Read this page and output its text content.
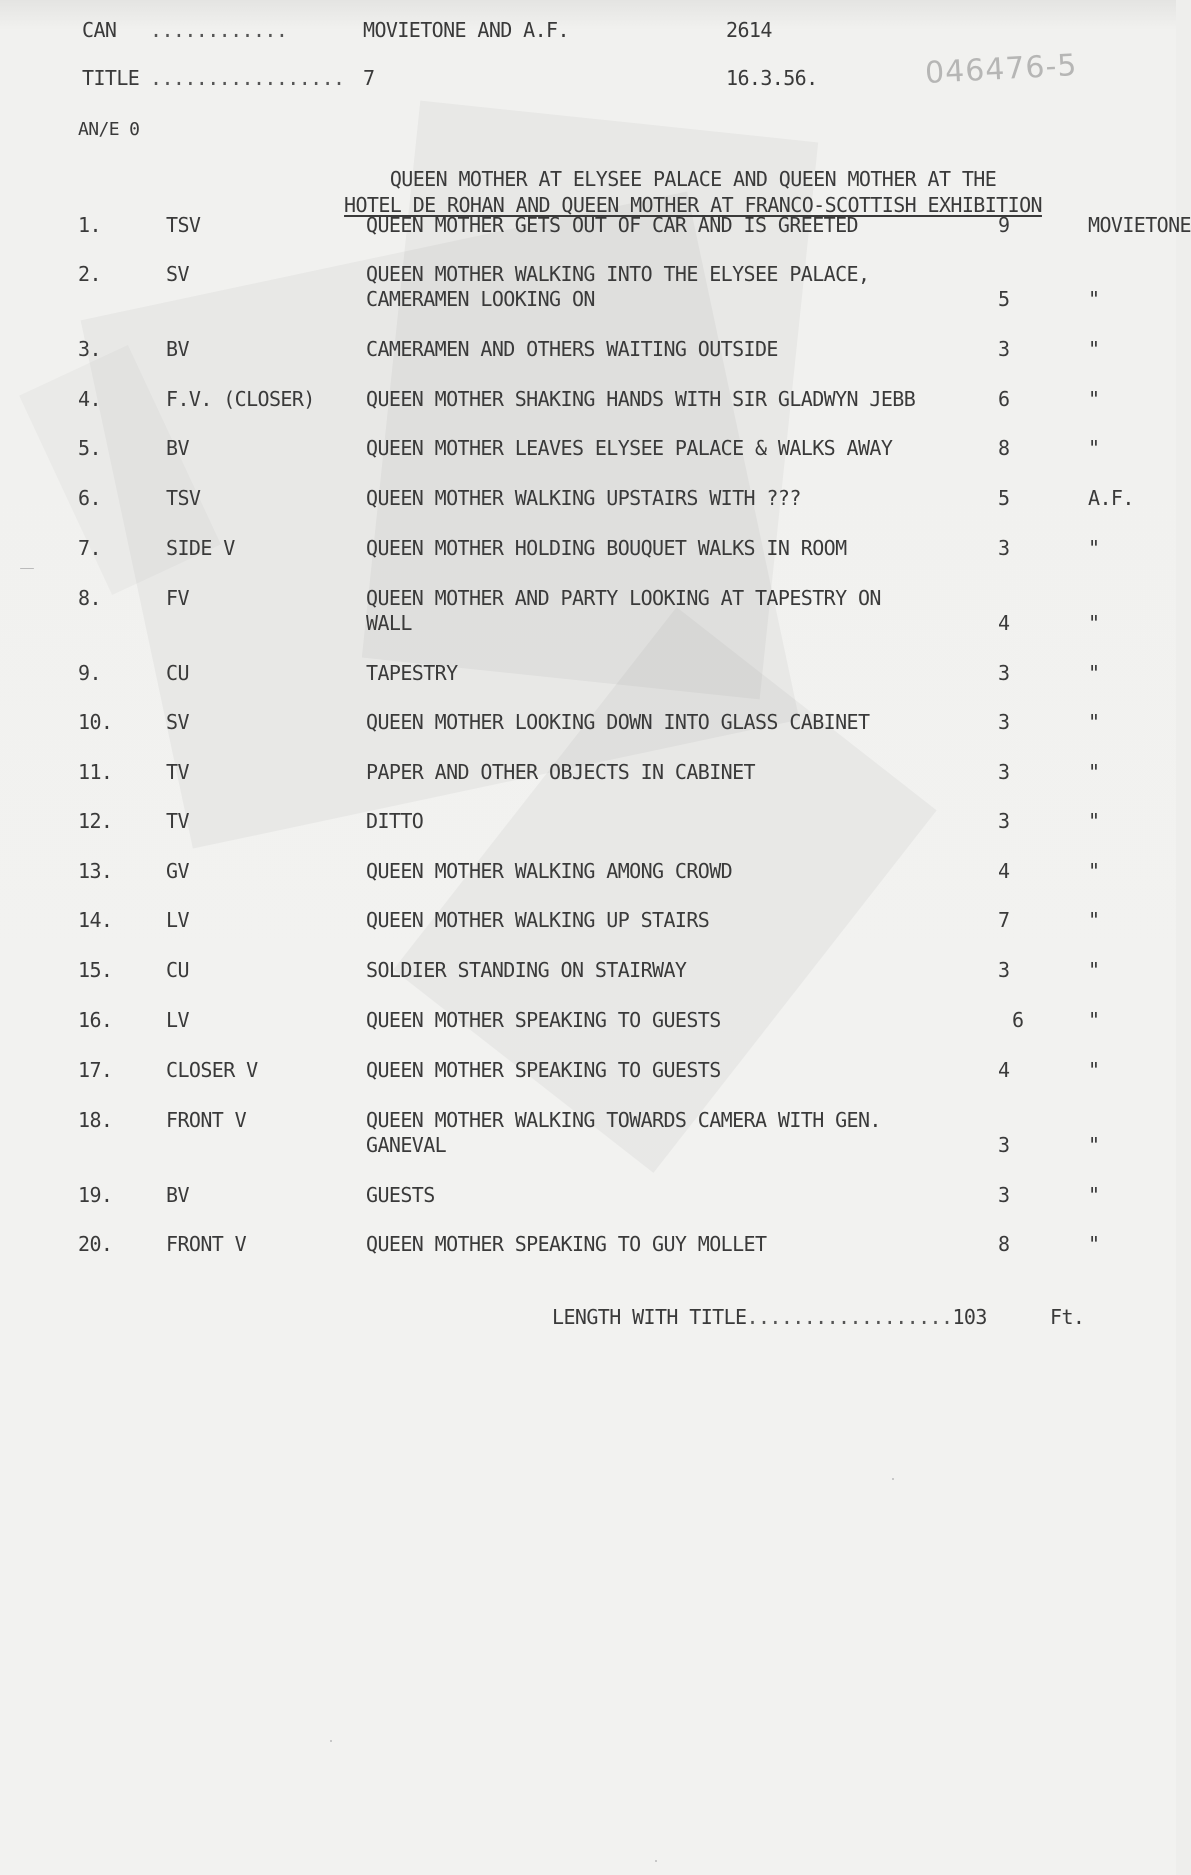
CAN ............	MOVIETONE AND A.F.	2614
TITLE ................. 7	16.3.56.	046476-5
AN/E 0
QUEEN MOTHER AT ELYSEE PALACE AND QUEEN MOTHER AT THE
HOTEL DE ROHAN AND QUEEN MOTHER AT FRANCO-SCOTTISH EXHIBITION
1.	TSV	QUEEN MOTHER GETS OUT OF CAR AND IS GREETED	9	MOVIETONE
2.	SV	QUEEN MOTHER WALKING INTO THE ELYSEE PALACE,
CAMERAMEN LOOKING ON	5	"
3.	BV	CAMERAMEN AND OTHERS WAITING OUTSIDE	3	"
4.	F.V. (CLOSER)	QUEEN MOTHER SHAKING HANDS WITH SIR GLADWYN JEBB	6	"
5.	BV	QUEEN MOTHER LEAVES ELYSEE PALACE & WALKS AWAY	8	"
6.	TSV	QUEEN MOTHER WALKING UPSTAIRS WITH ???	5	A.F.
7.	SIDE V	QUEEN MOTHER HOLDING BOUQUET WALKS IN ROOM	3	"
8.	FV	QUEEN MOTHER AND PARTY LOOKING AT TAPESTRY ON
WALL	4	"
9.	CU	TAPESTRY	3	"
10.	SV	QUEEN MOTHER LOOKING DOWN INTO GLASS CABINET	3	"
11.	TV	PAPER AND OTHER OBJECTS IN CABINET	3	"
12.	TV	DITTO	3	"
13.	GV	QUEEN MOTHER WALKING AMONG CROWD	4	"
14.	LV	QUEEN MOTHER WALKING UP STAIRS	7	"
15.	CU	SOLDIER STANDING ON STAIRWAY	3	"
16.	LV	QUEEN MOTHER SPEAKING TO GUESTS	6	"
17.	CLOSER V	QUEEN MOTHER SPEAKING TO GUESTS	4	"
18.	FRONT V	QUEEN MOTHER WALKING TOWARDS CAMERA WITH GEN.
GANEVAL	3	"
19.	BV	GUESTS	3	"
20.	FRONT V	QUEEN MOTHER SPEAKING TO GUY MOLLET	8	"
LENGTH WITH TITLE..................103	Ft.
